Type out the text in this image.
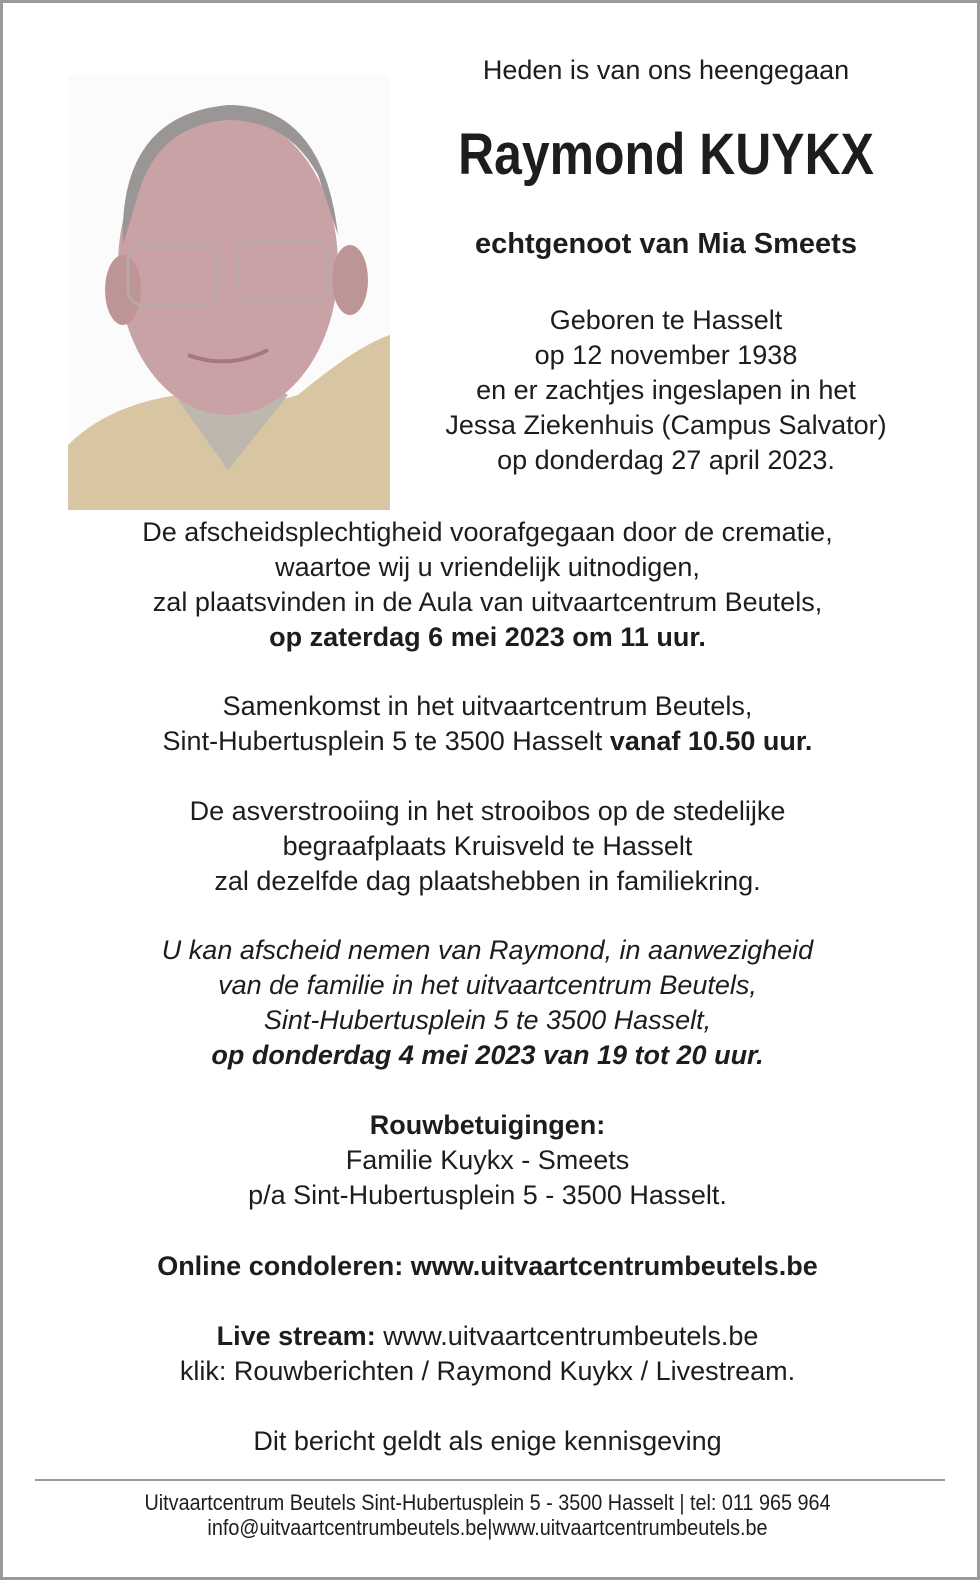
Heden is van ons heengegaan
Raymond KUYKX
echtgenoot van Mia Smeets
Geboren te Hasselt
op 12 november 1938
en er zachtjes ingeslapen in het
Jessa Ziekenhuis (Campus Salvator)
op donderdag 27 april 2023.
De afscheidsplechtigheid voorafgegaan door de crematie,
waartoe wij u vriendelijk uitnodigen,
zal plaatsvinden in de Aula van uitvaartcentrum Beutels,
op zaterdag 6 mei 2023 om 11 uur.
Samenkomst in het uitvaartcentrum Beutels,
Sint-Hubertusplein 5 te 3500 Hasselt vanaf 10.50 uur.
De asverstrooiing in het strooibos op de stedelijke
begraafplaats Kruisveld te Hasselt
zal dezelfde dag plaatshebben in familiekring.
U kan afscheid nemen van Raymond, in aanwezigheid
van de familie in het uitvaartcentrum Beutels,
Sint-Hubertusplein 5 te 3500 Hasselt,
op donderdag 4 mei 2023 van 19 tot 20 uur.
Rouwbetuigingen:
Familie Kuykx - Smeets
p/a Sint-Hubertusplein 5 - 3500 Hasselt.
Online condoleren: www.uitvaartcentrumbeutels.be
Live stream: www.uitvaartcentrumbeutels.be
klik: Rouwberichten / Raymond Kuykx / Livestream.
Dit bericht geldt als enige kennisgeving
Uitvaartcentrum Beutels Sint-Hubertusplein 5 - 3500 Hasselt | tel: 011 965 964
info@uitvaartcentrumbeutels.be|www.uitvaartcentrumbeutels.be
